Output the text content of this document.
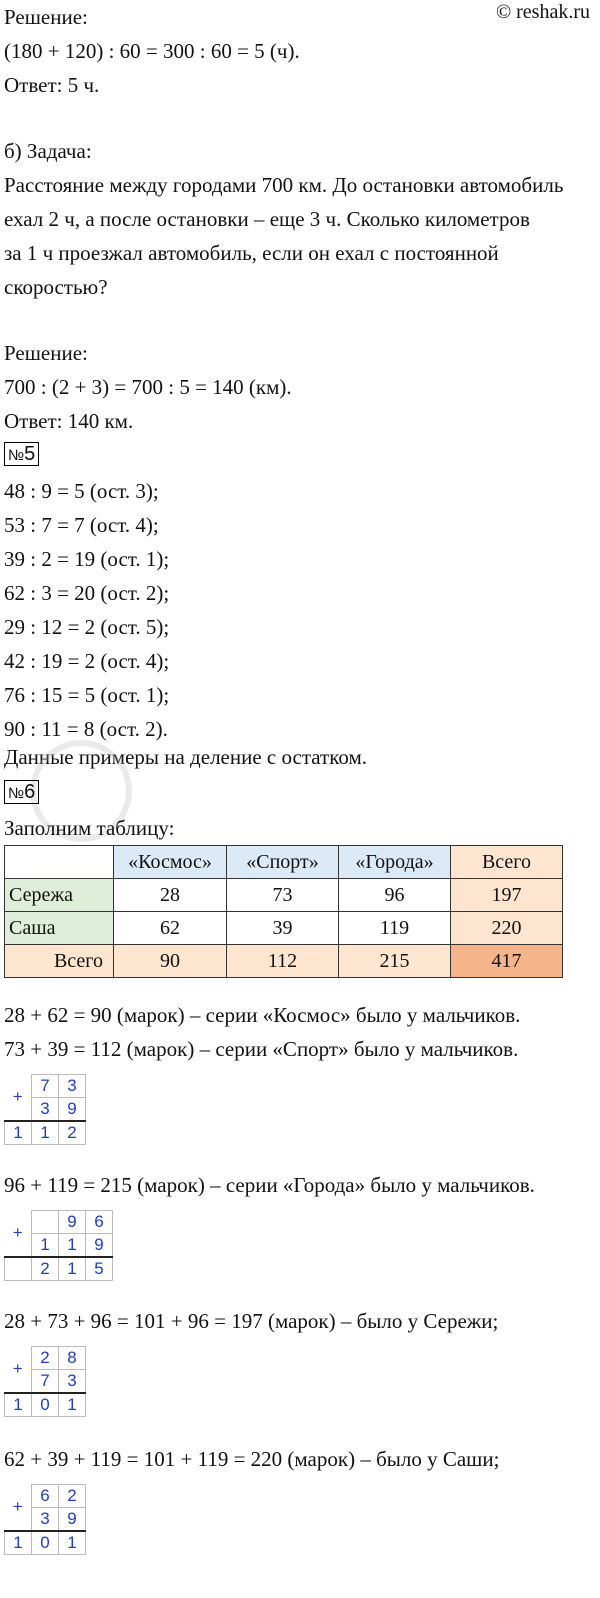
© reshak.ru
Решение:
(180 + 120) : 60 = 300 : 60 = 5 (ч).
Ответ: 5 ч.
б) Задача:
Расстояние между городами 700 км. До остановки автомобиль
ехал 2 ч, а после остановки – еще 3 ч. Сколько километров
за 1 ч проезжал автомобиль, если он ехал с постоянной
скоростью?
Решение:
700 : (2 + 3) = 700 : 5 = 140 (км).
Ответ: 140 км.
№5
48 : 9 = 5 (ост. 3);
53 : 7 = 7 (ост. 4);
39 : 2 = 19 (ост. 1);
62 : 3 = 20 (ост. 2);
29 : 12 = 2 (ост. 5);
42 : 19 = 2 (ост. 4);
76 : 15 = 5 (ост. 1);
90 : 11 = 8 (ост. 2).
Данные примеры на деление с остатком.
№6
Заполним таблицу:
	«Космос»	«Спорт»	«Города»	Всего
Сережа	28	73	96	197
Саша	62	39	119	220
Всего	90	112	215	417
28 + 62 = 90 (марок) – серии «Космос» было у мальчиков.
73 + 39 = 112 (марок) – серии «Спорт» было у мальчиков.
+	7	3
	3	9
1	1	2
96 + 119 = 215 (марок) – серии «Города» было у мальчиков.
+		9	6
	1	1	9
	2	1	5
28 + 73 + 96 = 101 + 96 = 197 (марок) – было у Сережи;
+	2	8
	7	3
1	0	1
62 + 39 + 119 = 101 + 119 = 220 (марок) – было у Саши;
+	6	2
	3	9
1	0	1
